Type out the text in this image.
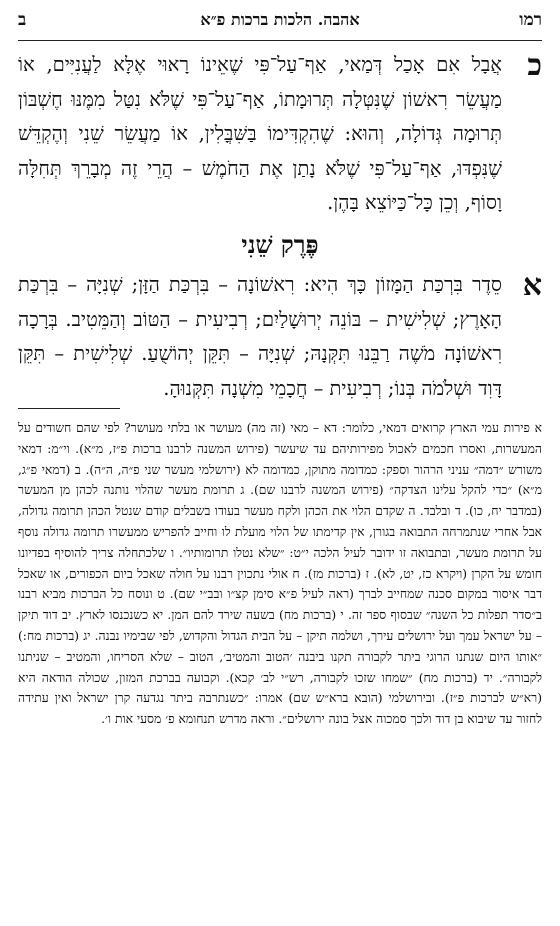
רמו
אהבה. הלכות ברכות פ״א
ב
כ
אֲבָל אִם אָכַל דְּמַאי, אַף־עַל־פִּי שֶׁאֵינוֹ רָאוּי אֶלָּא לַעֲנִיִּים, אוֹ מַעֲשֵׂר רִאשׁוֹן שֶׁנִּטְּלָה תְּרוּמָתוֹ, אַף־עַל־פִּי שֶׁלֹּא נִטַּל מִמֶּנּוּ חֶשְׁבּוֹן תְּרוּמָה גְּדוֹלָה, וְהוּא: שֶׁהִקְדִּימוֹ בַּשִּׁבֳּלִין, אוֹ מַעֲשֵׂר שֵׁנִי וְהֶקְדֵּשׁ שֶׁנִּפְדּוּ, אַף־עַל־פִּי שֶׁלֹּא נָתַן אֶת הַחֹמֶשׁ – הֲרֵי זֶה מְבָרֵךְ תְּחִלָּה וָסוֹף, וְכֵן כָּל־כַּיּוֹצֵא בָּהֶן.
פֶּרֶק שֵׁנִי
א
סֵדֶר בִּרְכַּת הַמָּזוֹן כָּךְ הִיא: רִאשׁוֹנָה – בִּרְכַּת הַזָּן; שְׁנִיָּה – בִּרְכַּת הָאָרֶץ; שְׁלִישִׁית – בּוֹנֵה יְרוּשָׁלַיִם; רְבִיעִית – הַטּוֹב וְהַמֵּטִיב. בְּרָכָה רִאשׁוֹנָה מֹשֶׁה רַבֵּנוּ תִּקְּנָהּ; שְׁנִיָּה – תִּקֵּן יְהוֹשֻׁעַ. שְׁלִישִׁית – תִּקֵּן דָּוִד וּשְׁלֹמֹה בְּנוֹ; רְבִיעִית – חֲכָמֵי מִשְׁנָה תִּקְּנוּהָ.

א פירות עמי הארץ קרואים דמאי, כלומר: דא – מאי (זה מה) מעושר או בלתי מעושר? לפי שהם חשודים על המעשרות, ואסרו חכמים לאכול מפירותיהם עד שיעשר (פירוש המשנה לרבנו ברכות פ״ז, מ״א). וי״מ: דמאי משורש ״דמה״ עניני הרהור וספק: כמדומה מתוקן, כמדומה לא (ירושלמי מעשר שני פ״ה, ה״ה). ב (דמאי פ״ג, מ״א) ״כדי להקל עלינו הצדקה״ (פירוש המשנה לרבנו שם). ג תרומת מעשר שהלוי נותנה לכהן מן המעשר (במדבר יח, כו). ד ובלבד. ה שקדם הלוי את הכהן ולקח מעשר בעודו בשבלים קודם שנטל הכהן תרומה גדולה, אבל אחרי שנתמרחה התבואה בגורן, אין קדימתו של הלוי מועלת לו וחייב להפריש ממעשרו תרומה גדולה נוסף על תרומת מעשר, ובתבואה זו ידובר לעיל הלכה י״ט: ״שלא נטלו תרומותיו״. ו שלכתחלה צריך להוסיף בפדיונו חומש על הקרן (ויקרא כז, יט, לא). ז (ברכות מז). ח אולי נתכוין רבנו על חולה שאכל ביום הכפורים, או שאכל דבר איסור במקום סכנה שמחייב לברך (ראה לעיל פ״א סימן קצ״ו ובב״י שם). ט ונוסח כל הברכות מביא רבנו ב״סדר תפלות כל השנה״ שבסוף ספר זה. י (ברכות מח) בשעה שירד להם המן. יא כשנכנסו לארץ. יב דוד תיקן – על ישראל עמך ועל ירושלים עירך, ושלמה תיקן – על הבית הגדול והקדוש, לפי שבימיו נבנה. יג (ברכות מח:) ״אותו היום שנתנו הרוגי ביתר לקבורה תקנו ביבנה ׳הטוב והמטיב׳, הטוב – שלא הסריחו, והמטיב – שניתנו לקבורה״. יד (ברכות מח) ״שמחו שזכו לקבורה, רש״י לב׳ קכא). וקבועה בברכת המזון, שכולה הודאה היא (רא״ש לברכות פ״ז). ובירושלמי (הובא ברא״ש שם) אמרו: ״כשנתרבה ביתר נגדעה קרן ישראל ואין עתידה לחזור עד שיבוא בן דוד ולכך סמכוה אצל בונה ירושלים״. וראה מדרש תנחומא פ׳ מסעי אות ו׳.
